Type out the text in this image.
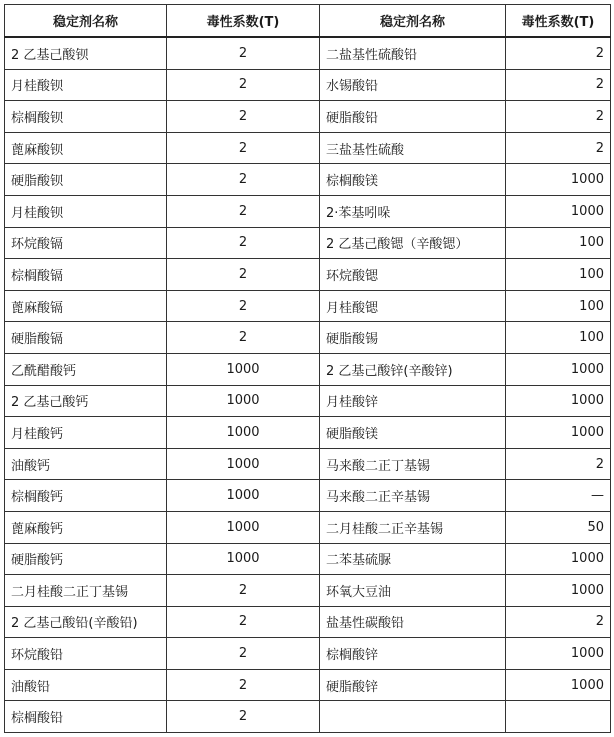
稳定剂名称	毒性系数(T)	稳定剂名称	毒性系数(T)
2 乙基己酸钡	2	二盐基性硫酸铅	2
月桂酸钡	2	水锡酸铅	2
棕榈酸钡	2	硬脂酸铅	2
蓖麻酸钡	2	三盐基性硫酸	2
硬脂酸钡	2	棕榈酸镁	1000
月桂酸钡	2	2·苯基吲哚	1000
环烷酸镉	2	2 乙基己酸锶（辛酸锶）	100
棕榈酸镉	2	环烷酸锶	100
蓖麻酸镉	2	月桂酸锶	100
硬脂酸镉	2	硬脂酸锡	100
乙酰醋酸钙	1000	2 乙基己酸锌(辛酸锌)	1000
2 乙基己酸钙	1000	月桂酸锌	1000
月桂酸钙	1000	硬脂酸镁	1000
油酸钙	1000	马来酸二正丁基锡	2
棕榈酸钙	1000	马来酸二正辛基锡	—
蓖麻酸钙	1000	二月桂酸二正辛基锡	50
硬脂酸钙	1000	二苯基硫脲	1000
二月桂酸二正丁基锡	2	环氧大豆油	1000
2 乙基己酸铅(辛酸铅)	2	盐基性碳酸铅	2
环烷酸铅	2	棕榈酸锌	1000
油酸铅	2	硬脂酸锌	1000
棕榈酸铅	2		
